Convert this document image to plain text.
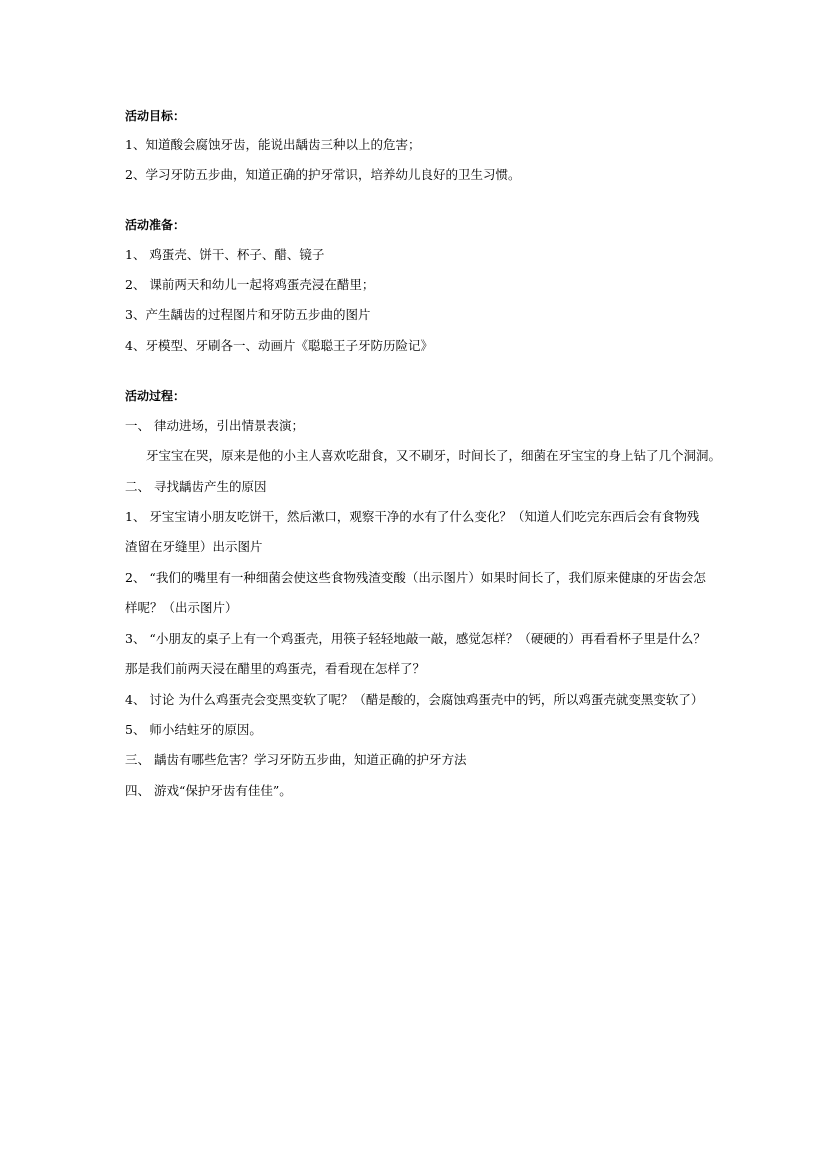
活动目标：
1、知道酸会腐蚀牙齿，能说出龋齿三种以上的危害；
2、学习牙防五步曲，知道正确的护牙常识，培养幼儿良好的卫生习惯。
活动准备：
1、 鸡蛋壳、饼干、杯子、醋、镜子
2、 课前两天和幼儿一起将鸡蛋壳浸在醋里；
3、产生龋齿的过程图片和牙防五步曲的图片
4、牙模型、牙刷各一、动画片《聪聪王子牙防历险记》
活动过程：
一、 律动进场，引出情景表演；
牙宝宝在哭，原来是他的小主人喜欢吃甜食，又不刷牙，时间长了，细菌在牙宝宝的身上钻了几个洞洞。
二、 寻找龋齿产生的原因
1、 牙宝宝请小朋友吃饼干，然后漱口，观察干净的水有了什么变化？（知道人们吃完东西后会有食物残
渣留在牙缝里）出示图片
2、 “我们的嘴里有一种细菌会使这些食物残渣变酸（出示图片）如果时间长了，我们原来健康的牙齿会怎
样呢？（出示图片）
3、 “小朋友的桌子上有一个鸡蛋壳，用筷子轻轻地敲一敲，感觉怎样？（硬硬的）再看看杯子里是什么？
那是我们前两天浸在醋里的鸡蛋壳，看看现在怎样了？
4、 讨论 为什么鸡蛋壳会变黑变软了呢？（醋是酸的，会腐蚀鸡蛋壳中的钙，所以鸡蛋壳就变黑变软了）
5、 师小结蛀牙的原因。
三、 龋齿有哪些危害？学习牙防五步曲，知道正确的护牙方法
四、 游戏“保护牙齿有佳佳”。
